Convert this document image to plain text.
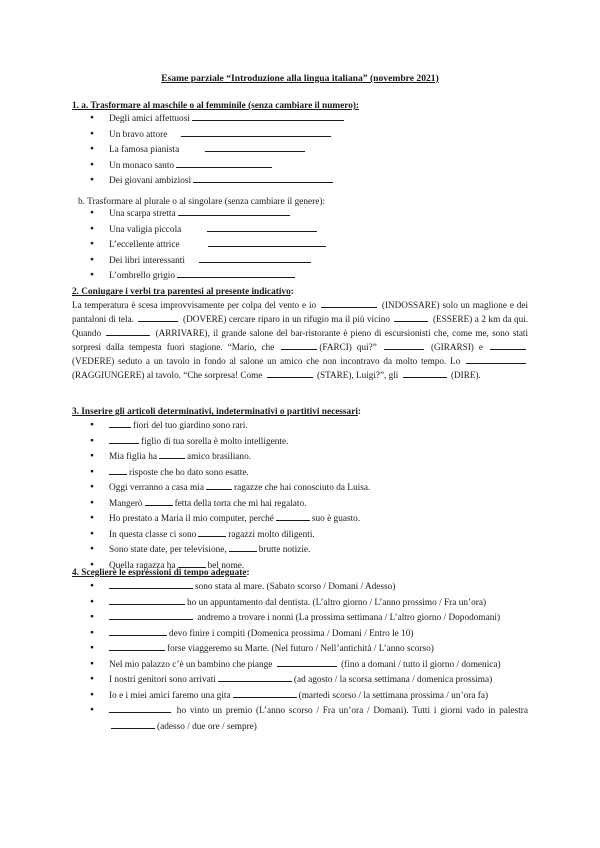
Esame parziale “Introduzione alla lingua italiana” (novembre 2021)
1. a. Trasformare al maschile o al femminile (senza cambiare il numero):
● Degli amici affettuosi
● Un bravo attore
● La famosa pianista
● Un monaco santo
● Dei giovani ambiziosi
b. Trasformare al plurale o al singolare (senza cambiare il genere):
● Una scarpa stretta
● Una valigia piccola
● L’eccellente attrice
● Dei libri interessanti
● L’ombrello grigio
2. Coniugare i verbi tra parentesi al presente indicativo:
La temperatura è scesa improvvisamente per colpa del vento e io	(INDOSSARE) solo un maglione e dei pantaloni di tela.	(DOVERE) cercare riparo in un rifugio ma il più vicino	(ESSERE) a 2 km da qui. Quando	(ARRIVARE), il grande salone del bar-ristorante è pieno di escursionisti che, come me, sono stati sorpresi dalla tempesta fuori stagione. “Mario, che	(FARCI) qui?”	(GIRARSI) e (VEDERE) seduto a un tavolo in fondo al salone un amico che non incontravo da molto tempo. Lo  (RAGGIUNGERE) al tavolo. “Che sorpresa! Come	(STARE), Luigi?”, gli	(DIRE).
3. Inserire gli articoli determinativi, indeterminativi o partitivi necessari:
● fiori del tuo giardino sono rari.
● figlio di tua sorella è molto intelligente.
● Mia figlia ha	amico brasiliano.
● risposte che ho dato sono esatte.
● Oggi verranno a casa mia	ragazze che hai conosciuto da Luisa.
● Mangerò	fetta della torta che mi hai regalato.
● Ho prestato a Maria il mio computer, perché	suo è guasto.
● In questa classe ci sono	ragazzi molto diligenti.
● Sono state date, per televisione,	brutte notizie.
● Quella ragazza ha	bel nome.
4. Scegliere le espressioni di tempo adeguate:
● sono stata al mare. (Sabato scorso / Domani / Adesso)
● ho un appuntamento dal dentista. (L’altro giorno / L’anno prossimo / Fra un’ora)
● andremo a trovare i nonni (La prossima settimana / L’altro giorno / Dopodomani)
● devo finire i compiti (Domenica prossima / Domani / Entro le 10)
● forse viaggeremo su Marte. (Nel futuro / Nell’antichità / L’anno scorso)
● Nel mio palazzo c’è un bambino che piange	(fino a domani / tutto il giorno / domenica)
● I nostri genitori sono arrivati	(ad agosto / la scorsa settimana / domenica prossima)
● Io e i miei amici faremo una gita	(martedì scorso / la settimana prossima / un’ora fa)
● ho vinto un premio (L’anno scorso / Fra un’ora / Domani). Tutti i giorni vado in palestra (adesso / due ore / sempre)
